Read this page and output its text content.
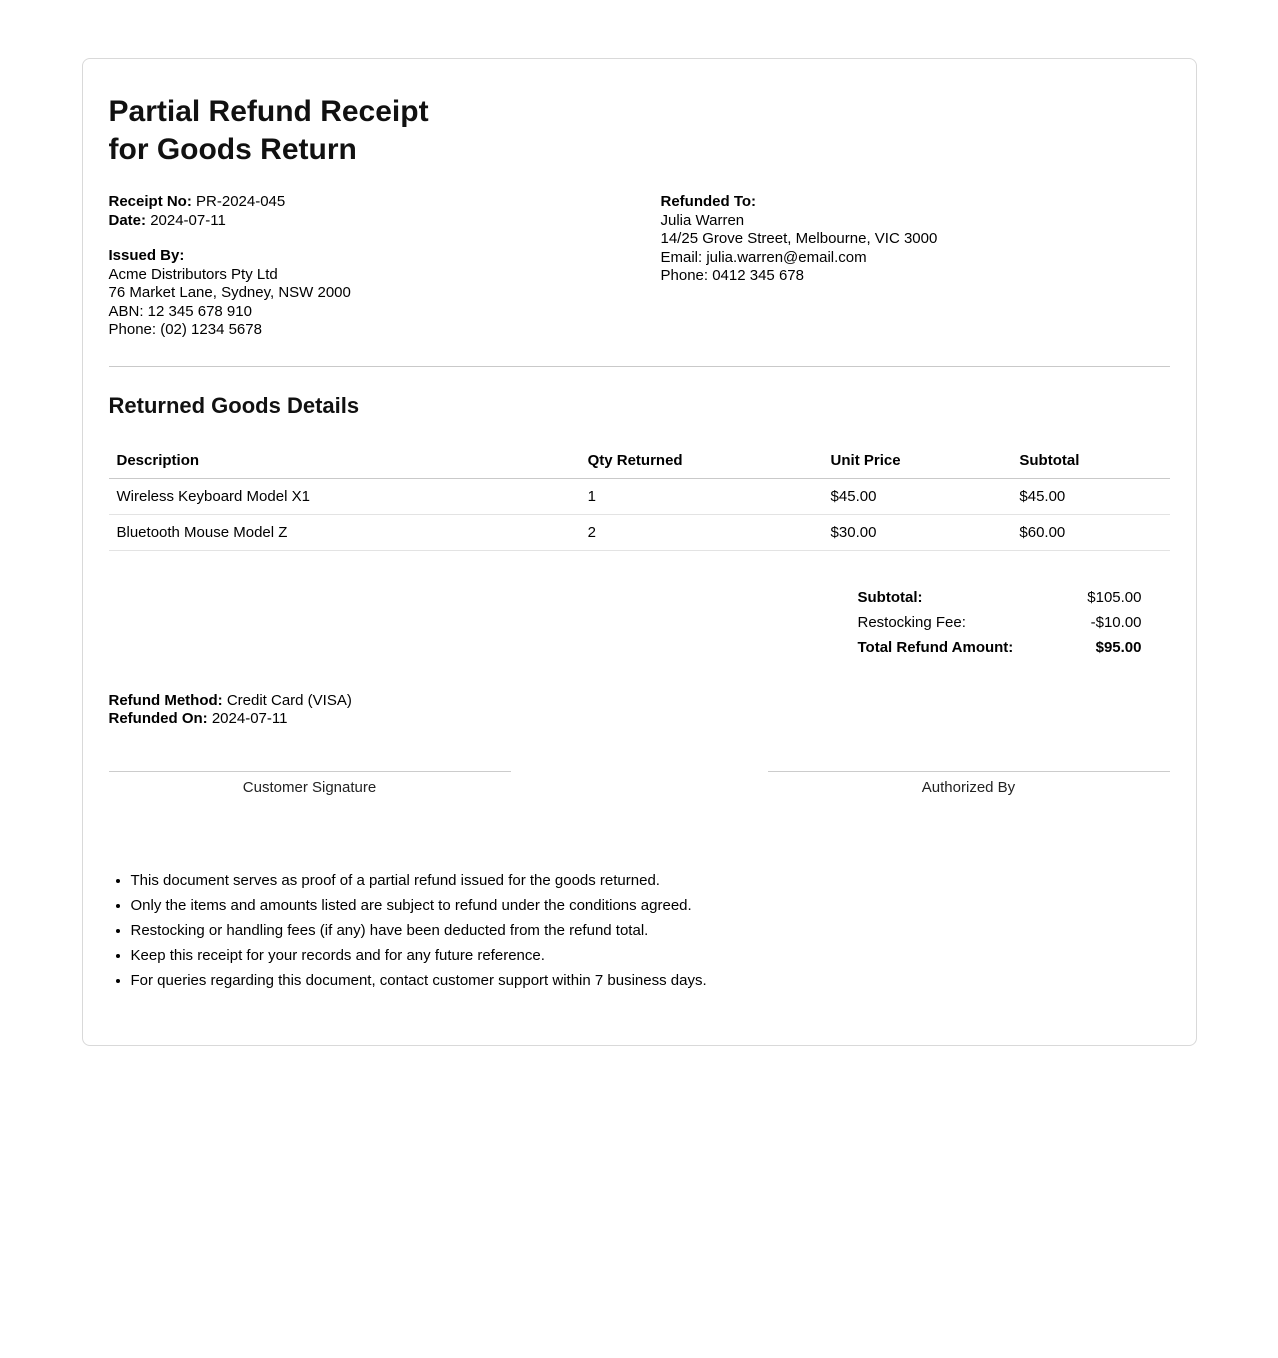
Partial Refund Receipt
for Goods Return
Receipt No: PR-2024-045
Date: 2024-07-11
Issued By:
Acme Distributors Pty Ltd
76 Market Lane, Sydney, NSW 2000
ABN: 12 345 678 910
Phone: (02) 1234 5678
Refunded To:
Julia Warren
14/25 Grove Street, Melbourne, VIC 3000
Email: julia.warren@email.com
Phone: 0412 345 678
Returned Goods Details
Description	Qty Returned	Unit Price	Subtotal
Wireless Keyboard Model X1	1	$45.00	$45.00
Bluetooth Mouse Model Z	2	$30.00	$60.00
Subtotal:	$105.00
Restocking Fee:	-$10.00
Total Refund Amount:	$95.00
Refund Method: Credit Card (VISA)
Refunded On: 2024-07-11
Customer Signature	Authorized By
• This document serves as proof of a partial refund issued for the goods returned.
• Only the items and amounts listed are subject to refund under the conditions agreed.
• Restocking or handling fees (if any) have been deducted from the refund total.
• Keep this receipt for your records and for any future reference.
• For queries regarding this document, contact customer support within 7 business days.
